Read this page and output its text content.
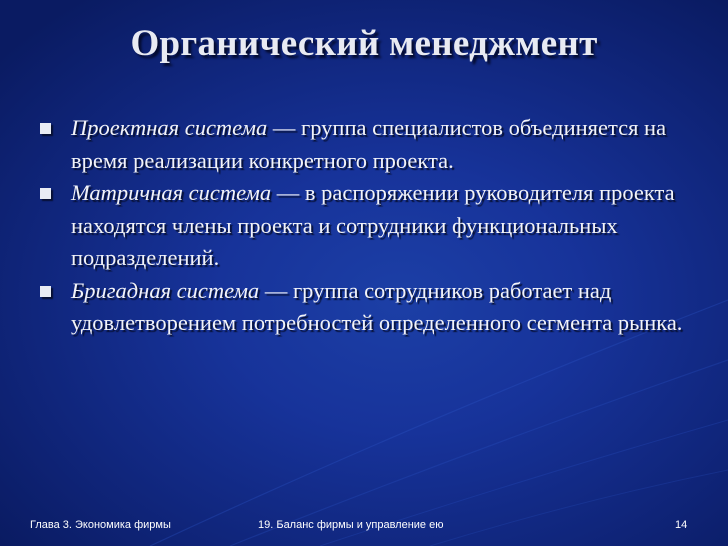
Органический менеджмент
Проектная система — группа специалистов объединяется на время реализации конкретного проекта.
Матричная система — в распоряжении руководителя проекта находятся члены проекта и сотрудники функциональных подразделений.
Бригадная система — группа сотрудников работает над удовлетворением потребностей определенного сегмента рынка.
Глава 3. Экономика фирмы	19. Баланс фирмы и управление ею	14
